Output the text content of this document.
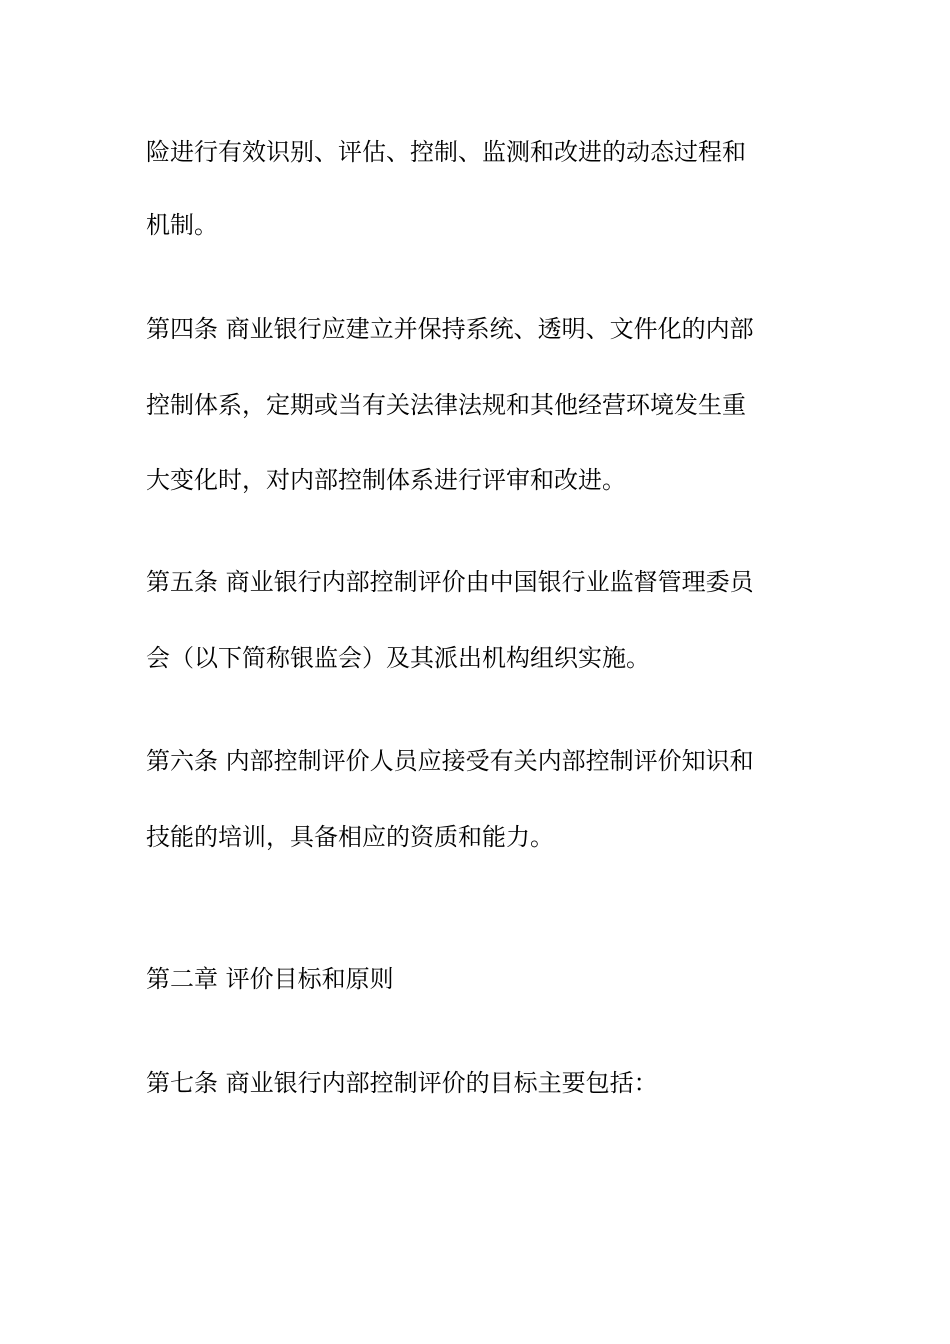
险进行有效识别、评估、控制、监测和改进的动态过程和
机制。
第四条 商业银行应建立并保持系统、透明、文件化的内部
控制体系，定期或当有关法律法规和其他经营环境发生重
大变化时，对内部控制体系进行评审和改进。
第五条 商业银行内部控制评价由中国银行业监督管理委员
会（以下简称银监会）及其派出机构组织实施。
第六条 内部控制评价人员应接受有关内部控制评价知识和
技能的培训，具备相应的资质和能力。
第二章 评价目标和原则
第七条 商业银行内部控制评价的目标主要包括：
